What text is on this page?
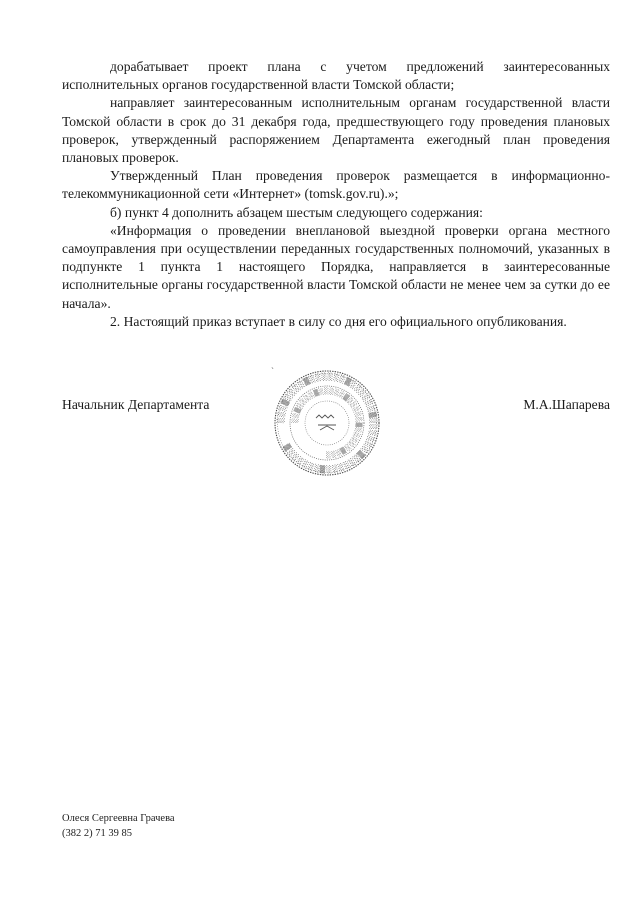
дорабатывает проект плана с учетом предложений заинтересованных исполнительных органов государственной власти Томской области;

направляет заинтересованным исполнительным органам государственной власти Томской области в срок до 31 декабря года, предшествующего году проведения плановых проверок, утвержденный распоряжением Департамента ежегодный план проведения плановых проверок.

Утвержденный План проведения проверок размещается в информационно-телекоммуникационной сети «Интернет» (tomsk.gov.ru).»;

б) пункт 4 дополнить абзацем шестым следующего содержания:

«Информация о проведении внеплановой выездной проверки органа местного самоуправления при осуществлении переданных государственных полномочий, указанных в подпункте 1 пункта 1 настоящего Порядка, направляется в заинтересованные исполнительные органы государственной власти Томской области не менее чем за сутки до ее начала».

2. Настоящий приказ вступает в силу со дня его официального опубликования.

Начальник Департамента	М.А.Шапарева
`
░░░▒░░░░▒░░░░░░▒░░░░░░▒░░░░░░▒░░░░░░▒░░░░░░▒
░░▒░░░░▒░░░░░▒░░░░░▒░░░░░▒░░░
Олеся Сергеевна Грачева
(382 2) 71 39 85
